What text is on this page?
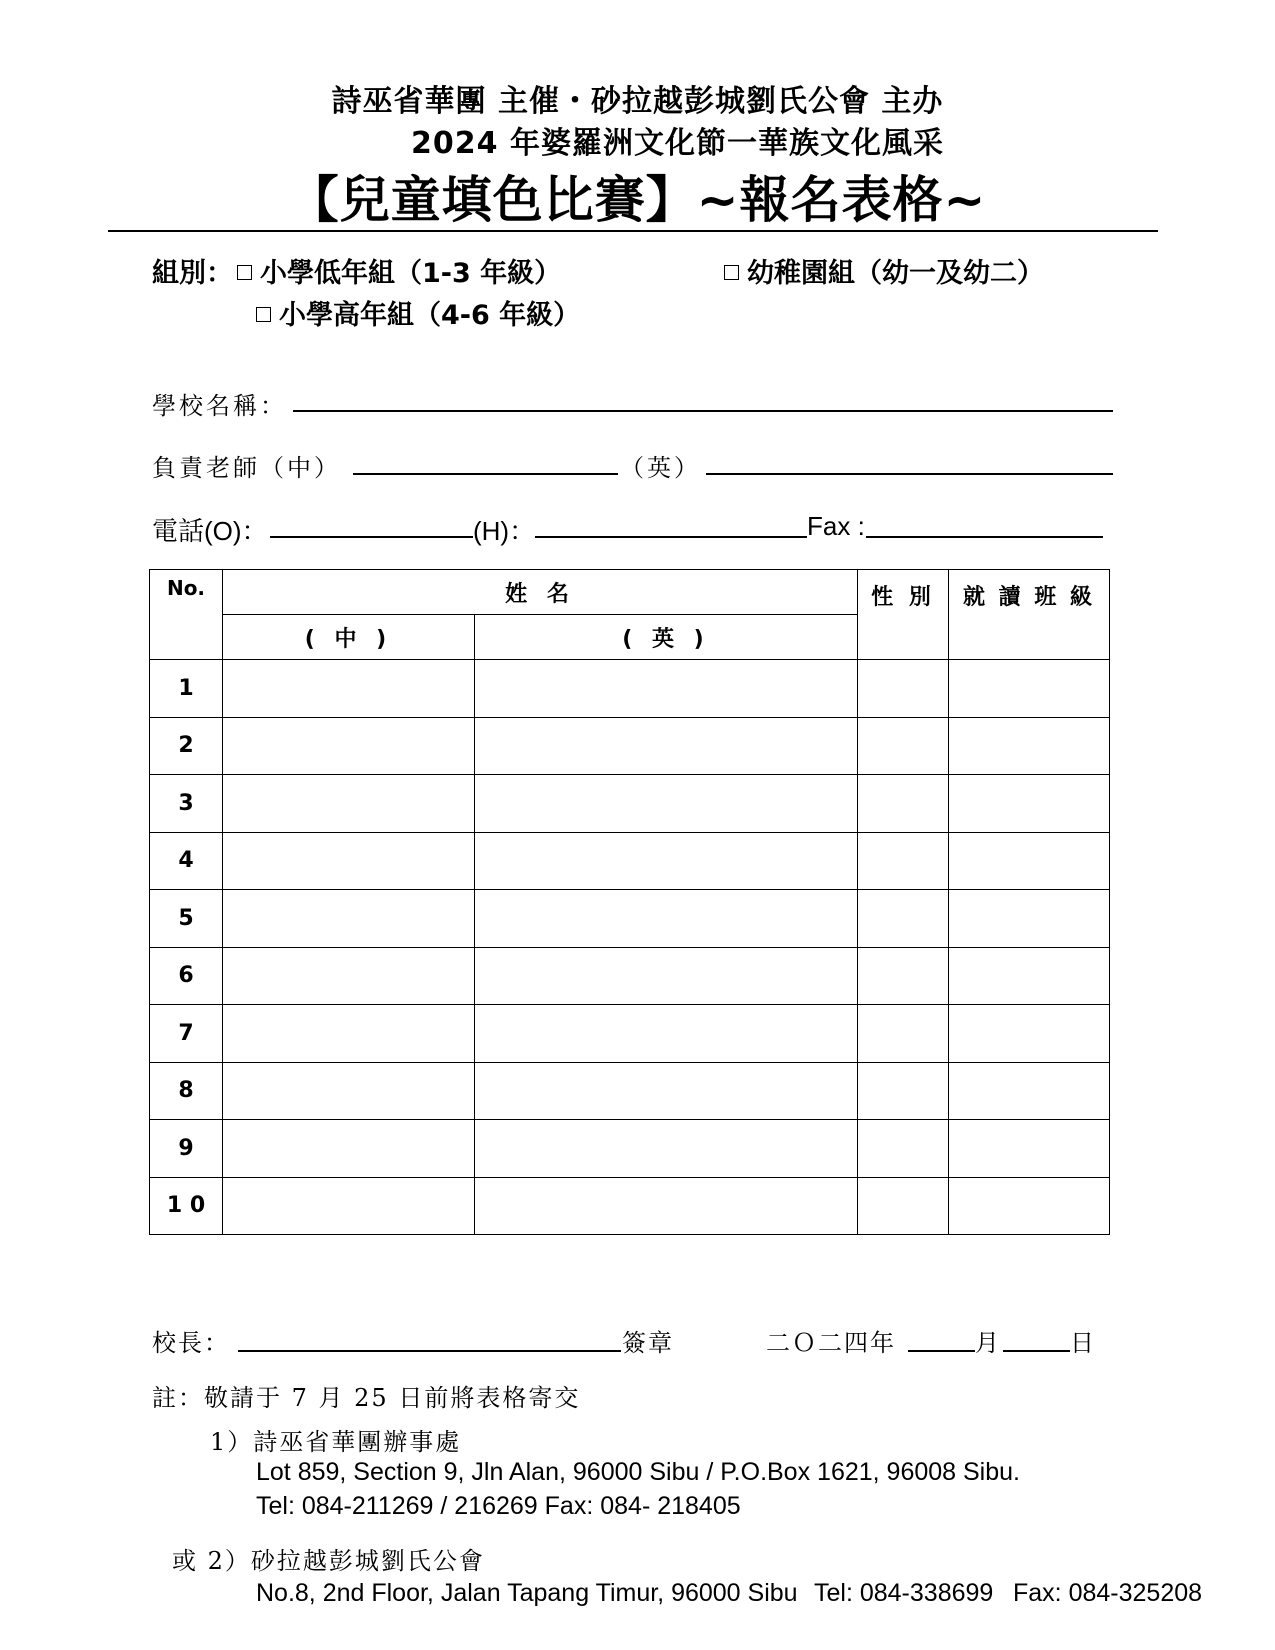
詩巫省華團 主催・砂拉越彭城劉氏公會 主办
2024 年婆羅洲文化節一華族文化風采
【兒童填色比賽】~報名表格~
組別： 小學低年組（1-3 年級）	幼稚園組（幼一及幼二）
小學高年組（4-6 年級）
學校名稱：
負責老師（中）	（英）
電話(O)：	(H)：	Fax :
No.	姓 名		性 別	就 讀 班 級
	( 中 )	( 英 )		
1				
2				
3				
4				
5				
6				
7				
8				
9				
1 0				
校長：	簽章	二Ｏ二四年	月	日
註：敬請于 7 月 25 日前將表格寄交
1）詩巫省華團辦事處
Lot 859, Section 9, Jln Alan, 96000 Sibu / P.O.Box 1621, 96008 Sibu.
Tel: 084-211269 / 216269 Fax: 084- 218405
或 2）砂拉越彭城劉氏公會
No.8, 2nd Floor, Jalan Tapang Timur, 96000 Sibu Tel: 084-338699 Fax: 084-325208
